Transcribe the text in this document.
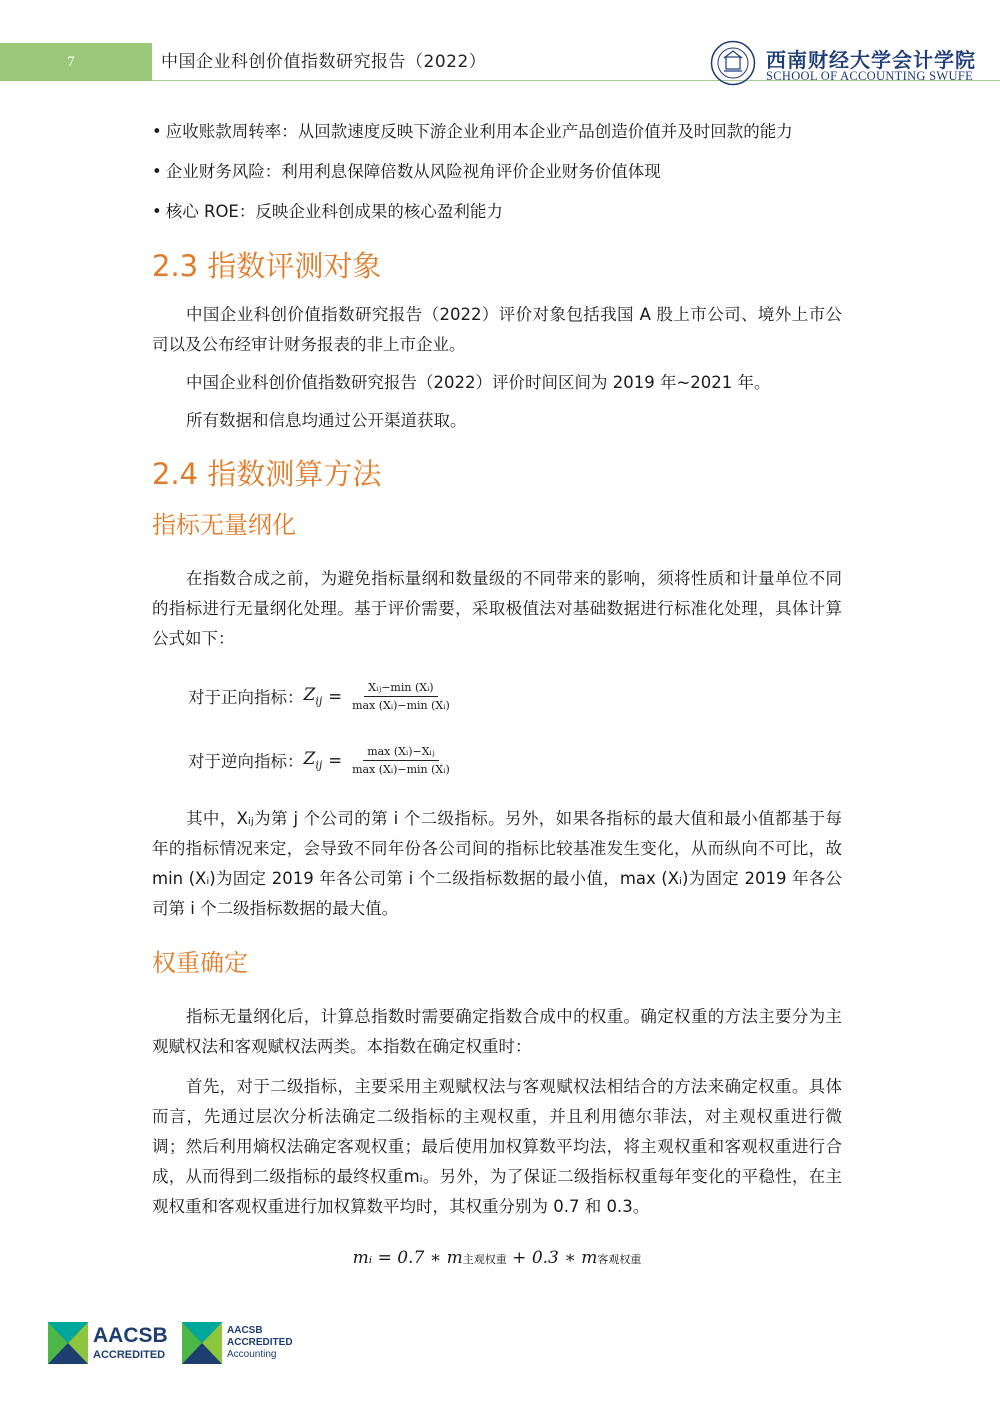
7	中国企业科创价值指数研究报告（2022）	西南财经大学会计学院
SCHOOL OF ACCOUNTING SWUFE
• 应收账款周转率：从回款速度反映下游企业利用本企业产品创造价值并及时回款的能力
• 企业财务风险：利用利息保障倍数从风险视角评价企业财务价值体现
• 核心 ROE：反映企业科创成果的核心盈利能力
2.3 指数评测对象

中国企业科创价值指数研究报告（2022）评价对象包括我国 A 股上市公司、境外上市公司以及公布经审计财务报表的非上市企业。

中国企业科创价值指数研究报告（2022）评价时间区间为 2019 年~2021 年。

所有数据和信息均通过公开渠道获取。

2.4 指数测算方法
指标无量纲化

在指数合成之前，为避免指标量纲和数量级的不同带来的影响，须将性质和计量单位不同的指标进行无量纲化处理。基于评价需要，采取极值法对基础数据进行标准化处理，具体计算公式如下：

对于正向指标： $Z_{ij} = \frac{\text{Xᵢⱼ−min (Xᵢ)}}{\text{max (Xᵢ)−min (Xᵢ)}}$
对于逆向指标： $Z_{ij} = \frac{\text{max (Xᵢ)−Xᵢⱼ}}{\text{max (Xᵢ)−min (Xᵢ)}}$

其中，Xᵢⱼ为第 j 个公司的第 i 个二级指标。另外，如果各指标的最大值和最小值都基于每年的指标情况来定，会导致不同年份各公司间的指标比较基准发生变化，从而纵向不可比，故min (Xᵢ)为固定 2019 年各公司第 i 个二级指标数据的最小值，max (Xᵢ)为固定 2019 年各公司第 i 个二级指标数据的最大值。

权重确定

指标无量纲化后，计算总指数时需要确定指数合成中的权重。确定权重的方法主要分为主观赋权法和客观赋权法两类。本指数在确定权重时：

首先，对于二级指标，主要采用主观赋权法与客观赋权法相结合的方法来确定权重。具体而言，先通过层次分析法确定二级指标的主观权重，并且利用德尔菲法，对主观权重进行微调；然后利用熵权法确定客观权重；最后使用加权算数平均法，将主观权重和客观权重进行合成，从而得到二级指标的最终权重mᵢ。另外，为了保证二级指标权重每年变化的平稳性，在主观权重和客观权重进行加权算数平均时，其权重分别为 0.7 和 0.3。

mᵢ = 0.7 ∗ m主观权重 + 0.3 ∗ m客观权重
AACSB
ACCREDITED
AACSB
ACCREDITED
Accounting
